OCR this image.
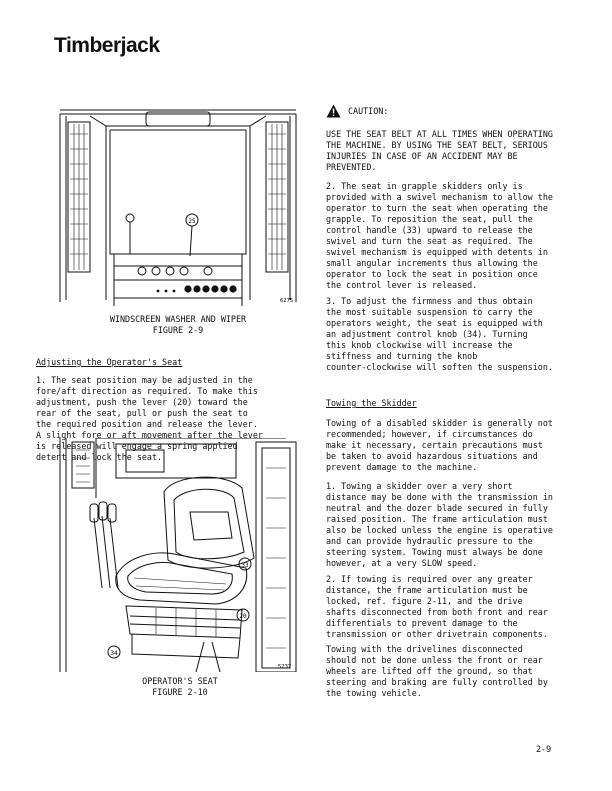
Timberjack
25
6275
WINDSCREEN WASHER AND WIPER
FIGURE 2-9
Adjusting the Operator's Seat

1. The seat position may be adjusted in the
fore/aft direction as required. To make this
adjustment, push the lever (20) toward the
rear of the seat, pull or push the seat to
the required position and release the lever.
A slight fore or aft movement after the lever
is released will engage a spring applied
detent and lock the seat.

33
20
34
5237
OPERATOR'S SEAT
FIGURE 2-10
CAUTION:

USE THE SEAT BELT AT ALL TIMES WHEN OPERATING
THE MACHINE. BY USING THE SEAT BELT, SERIOUS
INJURIES IN CASE OF AN ACCIDENT MAY BE
PREVENTED.

2. The seat in grapple skidders only is
provided with a swivel mechanism to allow the
operator to turn the seat when operating the
grapple. To reposition the seat, pull the
control handle (33) upward to release the
swivel and turn the seat as required. The
swivel mechanism is equipped with detents in
small angular increments thus allowing the
operator to lock the seat in position once
the control lever is released.

3. To adjust the firmness and thus obtain
the most suitable suspension to carry the
operators weight, the seat is equipped with
an adjustment control knob (34). Turning
this knob clockwise will increase the
stiffness and turning the knob
counter-clockwise will soften the suspension.

Towing the Skidder

Towing of a disabled skidder is generally not
recommended; however, if circumstances do
make it necessary, certain precautions must
be taken to avoid hazardous situations and
prevent damage to the machine.

1. Towing a skidder over a very short
distance may be done with the transmission in
neutral and the dozer blade secured in fully
raised position. The frame articulation must
also be locked unless the engine is operative
and can provide hydraulic pressure to the
steering system. Towing must always be done
however, at a very SLOW speed.

2. If towing is required over any greater
distance, the frame articulation must be
locked, ref. figure 2-11, and the drive
shafts disconnected from both front and rear
differentials to prevent damage to the
transmission or other drivetrain components.

Towing with the drivelines disconnected
should not be done unless the front or rear
wheels are lifted off the ground, so that
steering and braking are fully controlled by
the towing vehicle.

2-9
